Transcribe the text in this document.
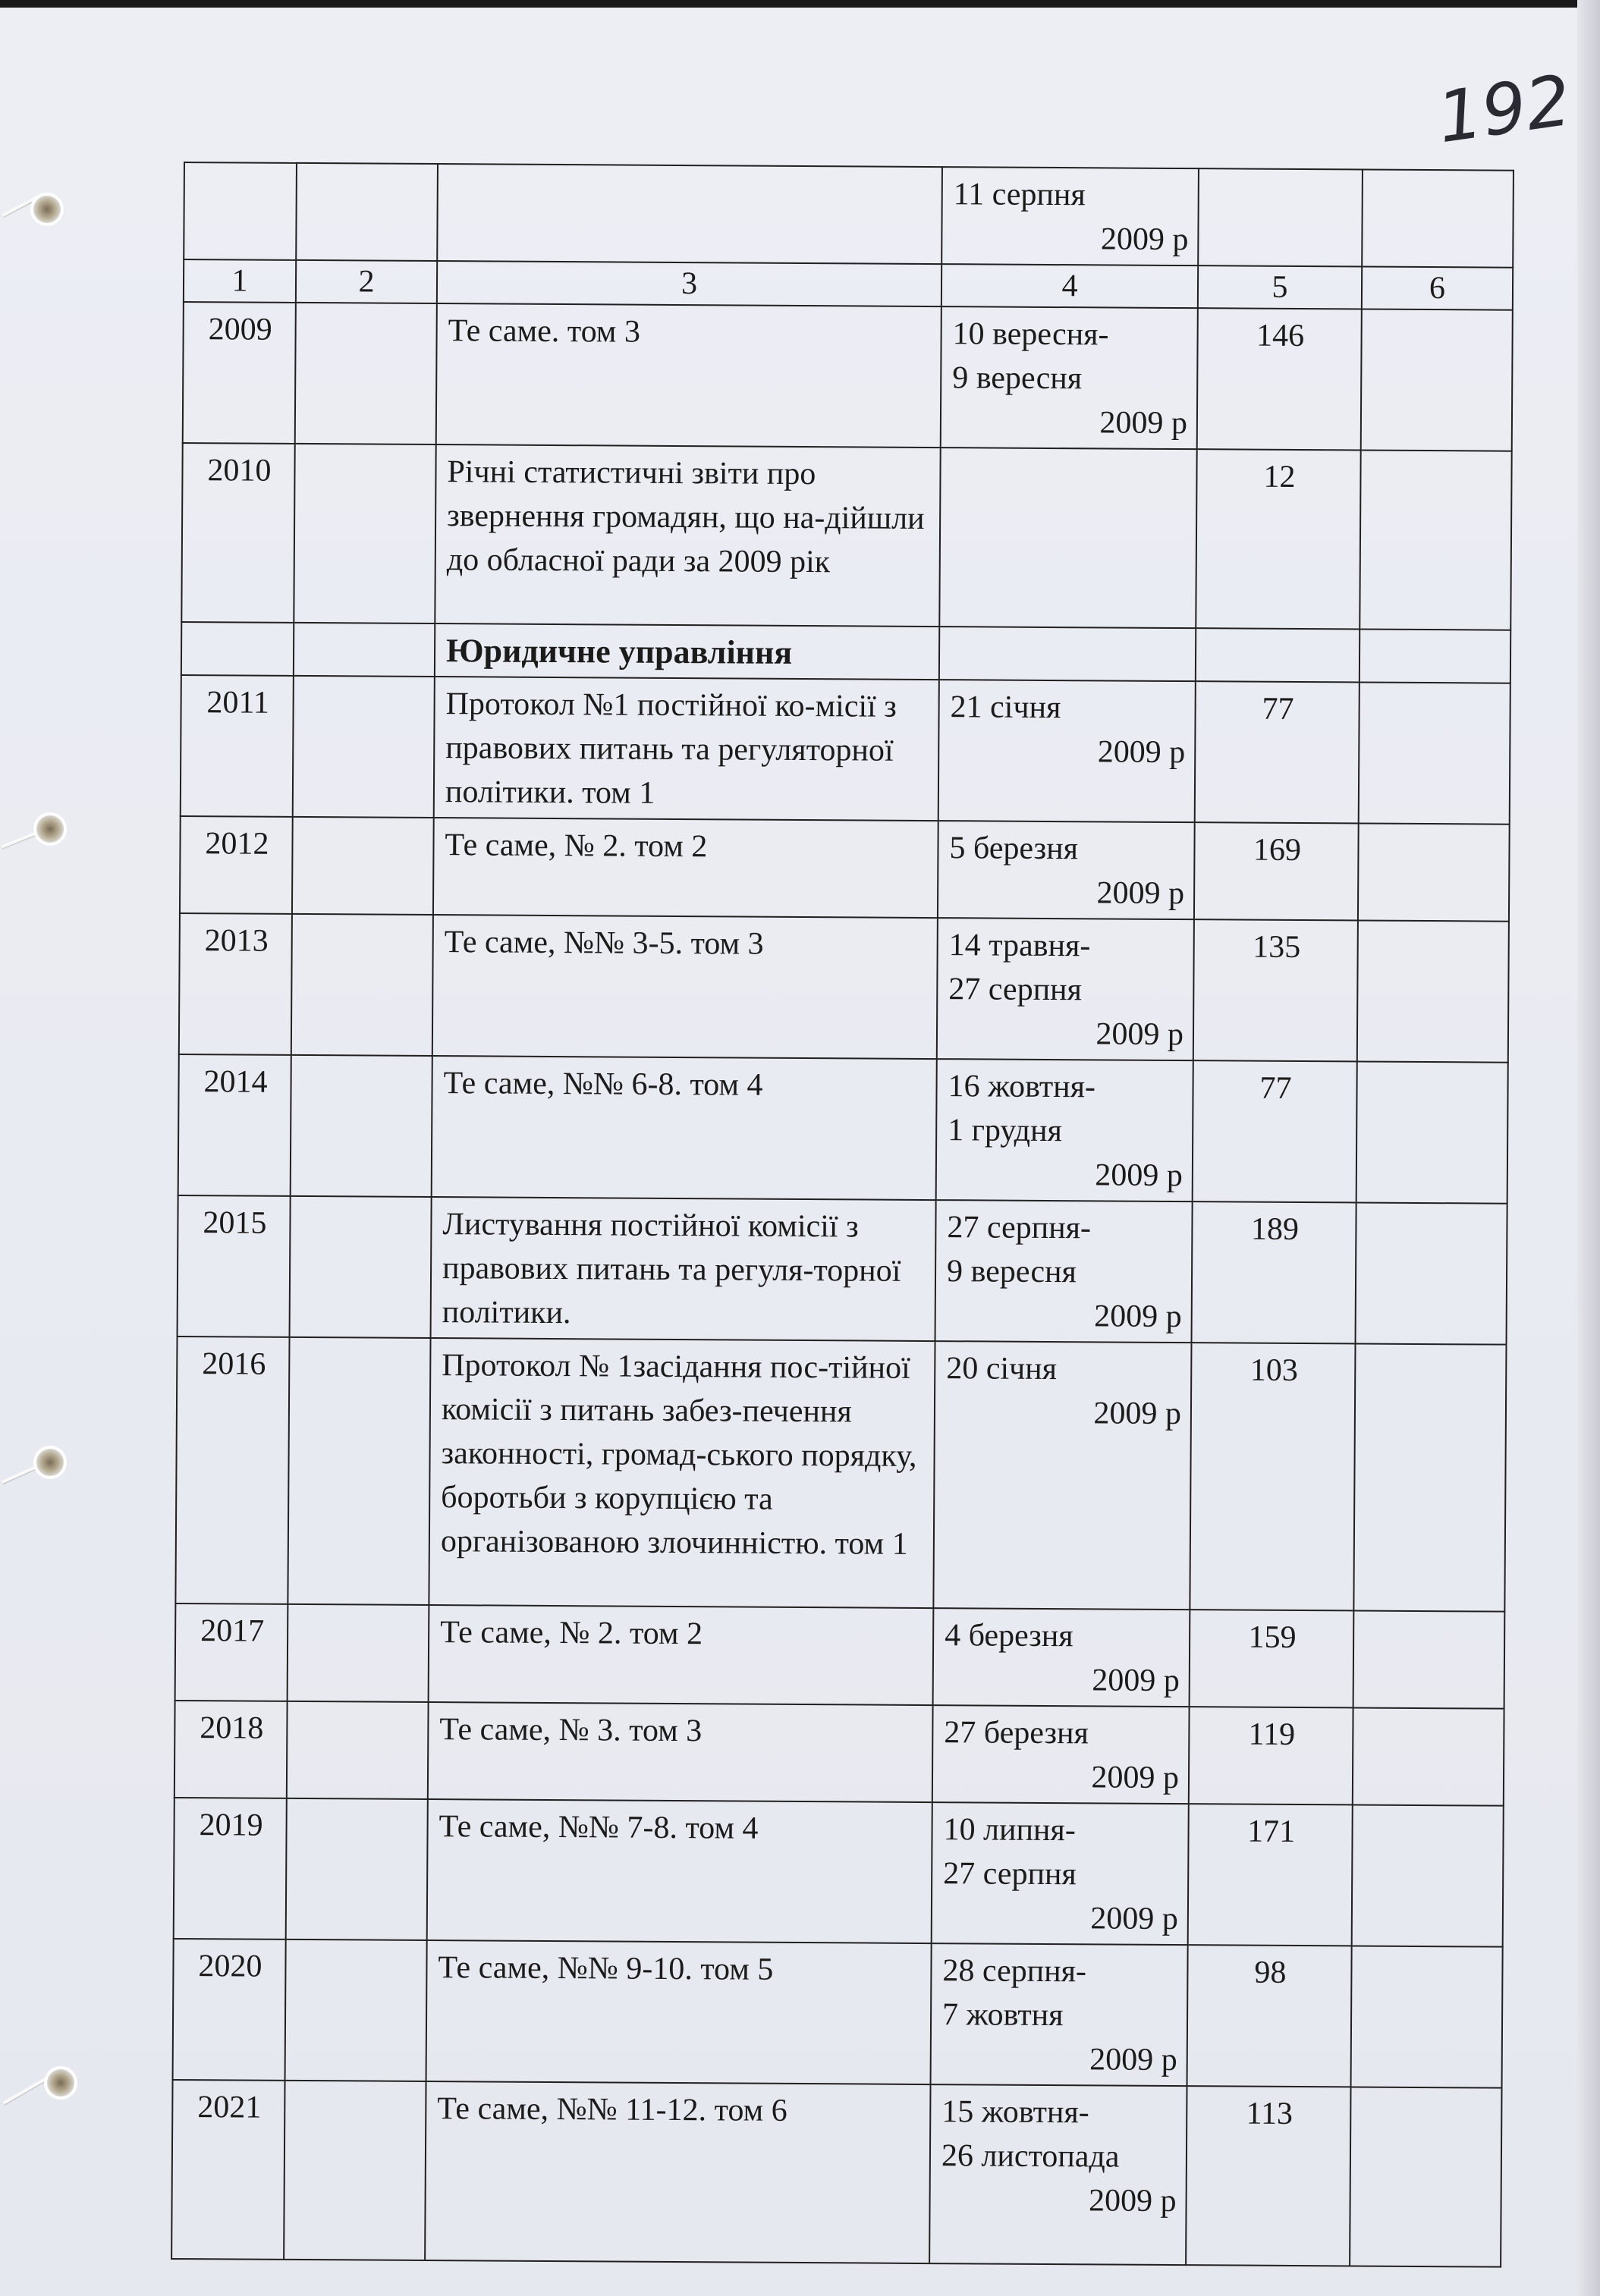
192

			11 серпня
2009 р		

1	2	3	4	5	6
2009		Те саме. том 3	10 вересня-
9 вересня
2009 р	146	
2010		Річні статистичні звіти про звернення громадян, що на-дійшли до обласної ради за 2009 рік		12	
		Юридичне управління			
2011		Протокол №1 постійної ко-місії з правових питань та регуляторної політики. том 1	21 січня
2009 р	77	
2012		Те саме, № 2. том 2	5 березня
2009 р	169	
2013		Те саме, №№ 3-5. том 3	14 травня-
27 серпня
2009 р	135	
2014		Те саме, №№ 6-8. том 4	16 жовтня-
1 грудня
2009 р	77	
2015		Листування постійної комісії з правових питань та регуля-торної політики.	27 серпня-
9 вересня
2009 р	189	
2016		Протокол № 1засідання пос-тійної комісії з питань забез-печення законності, громад-ського порядку, боротьби з корупцією та організованою злочинністю. том 1	20 січня
2009 р	103	
2017		Те саме, № 2. том 2	4 березня
2009 р	159	
2018		Те саме, № 3. том 3	27 березня
2009 р	119	
2019		Те саме, №№ 7-8. том 4	10 липня-
27 серпня
2009 р	171	
2020		Те саме, №№ 9-10. том 5	28 серпня-
7 жовтня
2009 р	98	
2021		Те саме, №№ 11-12. том 6	15 жовтня-
26 листопада
2009 р	113	
